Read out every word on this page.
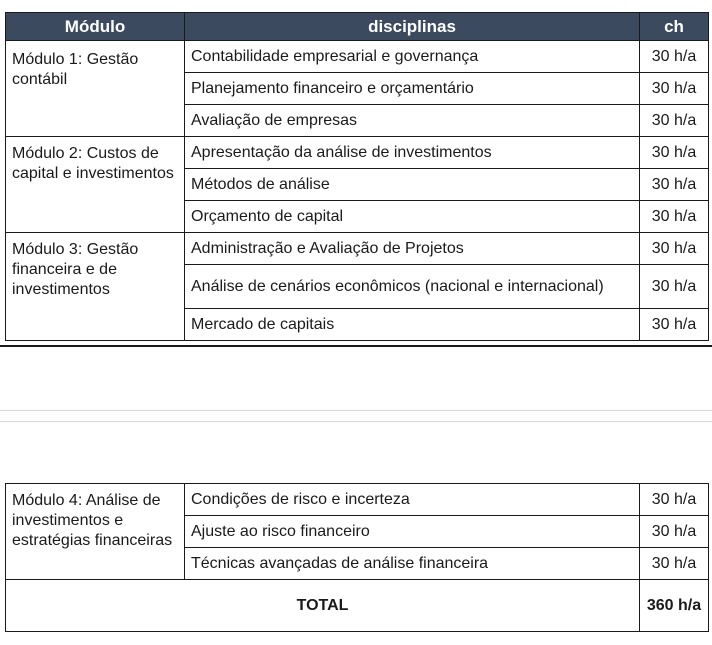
Módulo	disciplinas	ch
Módulo 1: Gestão contábil	Contabilidade empresarial e governança	30 h/a
	Planejamento financeiro e orçamentário	30 h/a
	Avaliação de empresas	30 h/a
Módulo 2: Custos de capital e investimentos	Apresentação da análise de investimentos	30 h/a
	Métodos de análise	30 h/a
	Orçamento de capital	30 h/a
Módulo 3: Gestão financeira e de investimentos	Administração e Avaliação de Projetos	30 h/a
	Análise de cenários econômicos (nacional e internacional)	30 h/a
	Mercado de capitais	30 h/a
Módulo 4: Análise de investimentos e estratégias financeiras	Condições de risco e incerteza	30 h/a
	Ajuste ao risco financeiro	30 h/a
	Técnicas avançadas de análise financeira	30 h/a
TOTAL		360 h/a
